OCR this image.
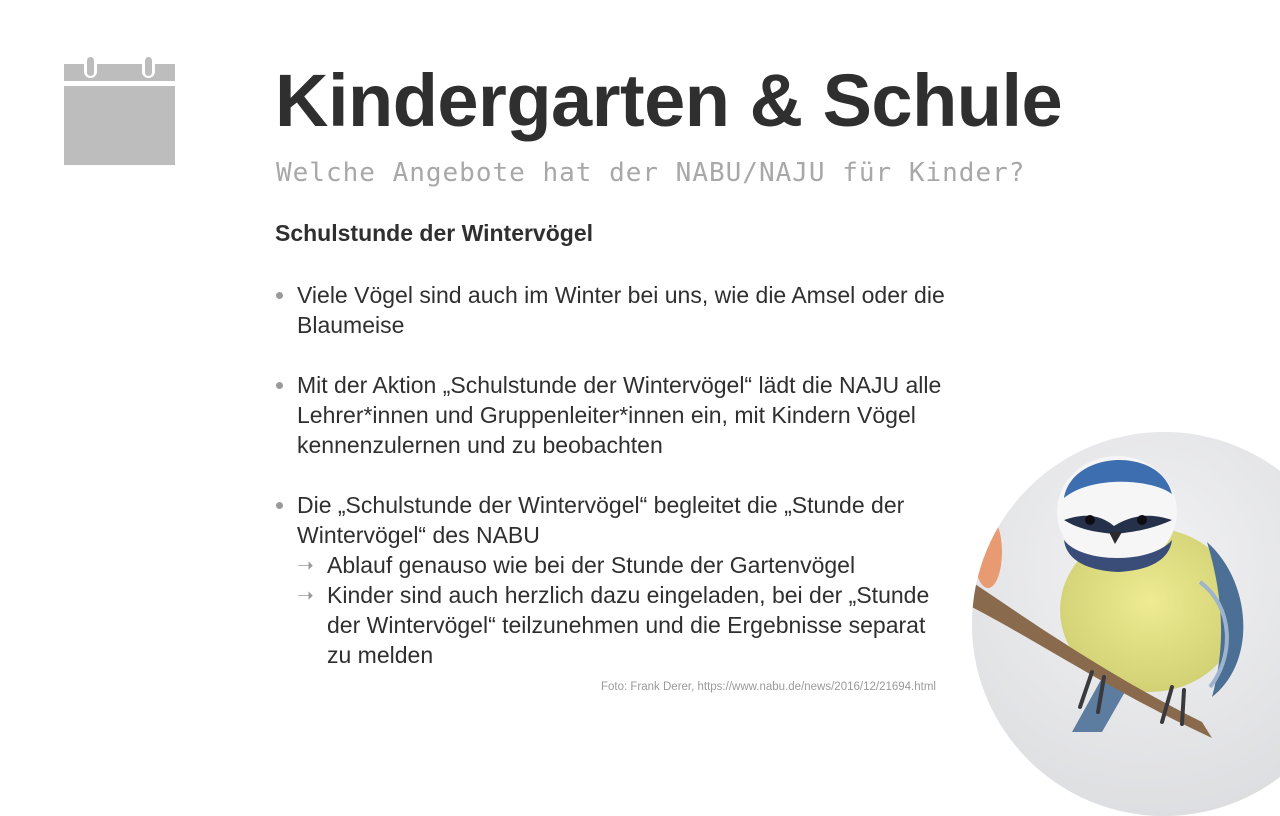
Kindergarten & Schule
Welche Angebote hat der NABU/NAJU für Kinder?
Schulstunde der Wintervögel
Viele Vögel sind auch im Winter bei uns, wie die Amsel oder die Blaumeise
Mit der Aktion „Schulstunde der Wintervögel“ lädt die NAJU alle Lehrer*innen und Gruppenleiter*innen ein, mit Kindern Vögel kennenzulernen und zu beobachten
Die „Schulstunde der Wintervögel“ begleitet die „Stunde der Wintervögel“ des NABU
➝ Ablauf genauso wie bei der Stunde der Gartenvögel
➝ Kinder sind auch herzlich dazu eingeladen, bei der „Stunde der Wintervögel“ teilzunehmen und die Ergebnisse separat zu melden
Foto: Frank Derer, https://www.nabu.de/news/2016/12/21694.html
